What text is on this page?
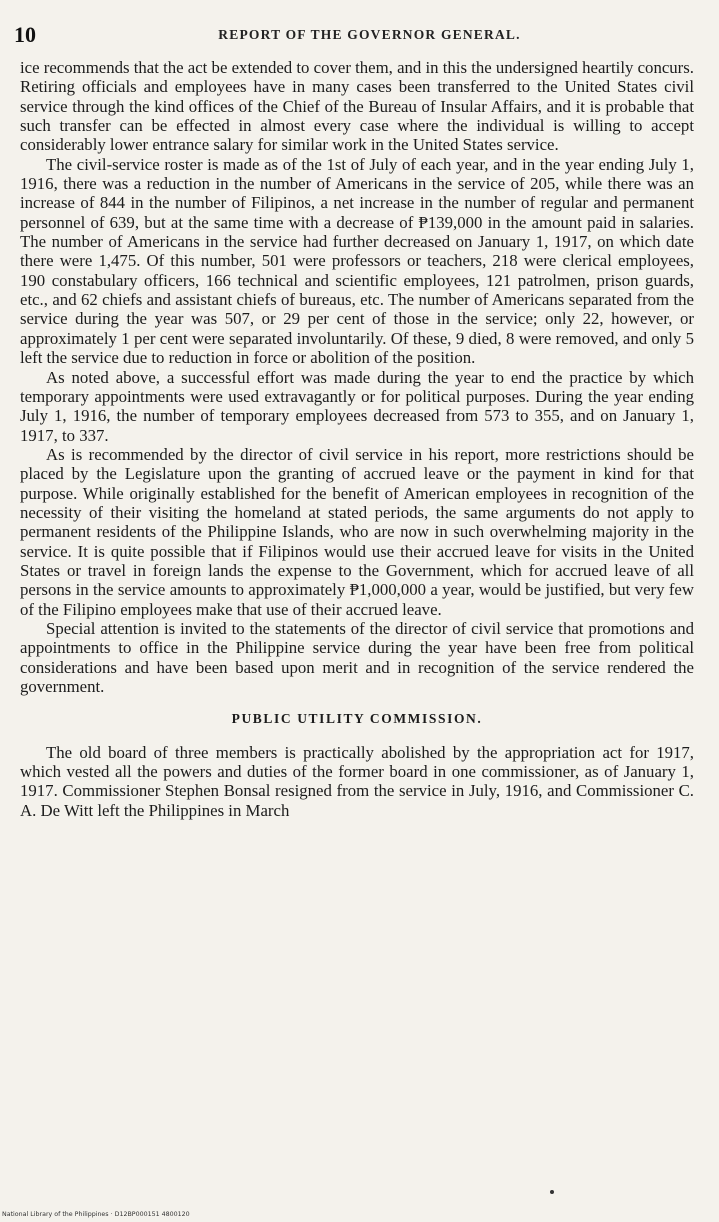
10	REPORT OF THE GOVERNOR GENERAL.

ice recommends that the act be extended to cover them, and in this the undersigned heartily concurs. Retiring officials and employees have in many cases been transferred to the United States civil service through the kind offices of the Chief of the Bureau of Insular Affairs, and it is probable that such transfer can be effected in almost every case where the individual is willing to accept considerably lower entrance salary for similar work in the United States service.

The civil-service roster is made as of the 1st of July of each year, and in the year ending July 1, 1916, there was a reduction in the number of Americans in the service of 205, while there was an increase of 844 in the number of Filipinos, a net increase in the number of regular and permanent personnel of 639, but at the same time with a decrease of ₱139,000 in the amount paid in salaries. The number of Americans in the service had further decreased on January 1, 1917, on which date there were 1,475. Of this number, 501 were professors or teachers, 218 were clerical employees, 190 constabulary officers, 166 technical and scientific employees, 121 patrolmen, prison guards, etc., and 62 chiefs and assistant chiefs of bureaus, etc. The number of Americans separated from the service during the year was 507, or 29 per cent of those in the service; only 22, however, or approximately 1 per cent were separated involuntarily. Of these, 9 died, 8 were removed, and only 5 left the service due to reduction in force or abolition of the position.

As noted above, a successful effort was made during the year to end the practice by which temporary appointments were used extravagantly or for political purposes. During the year ending July 1, 1916, the number of temporary employees decreased from 573 to 355, and on January 1, 1917, to 337.

As is recommended by the director of civil service in his report, more restrictions should be placed by the Legislature upon the granting of accrued leave or the payment in kind for that purpose. While originally established for the benefit of American employees in recognition of the necessity of their visiting the homeland at stated periods, the same arguments do not apply to permanent residents of the Philippine Islands, who are now in such overwhelming majority in the service. It is quite possible that if Filipinos would use their accrued leave for visits in the United States or travel in foreign lands the expense to the Government, which for accrued leave of all persons in the service amounts to approximately ₱1,000,000 a year, would be justified, but very few of the Filipino employees make that use of their accrued leave.

Special attention is invited to the statements of the director of civil service that promotions and appointments to office in the Philippine service during the year have been free from political considerations and have been based upon merit and in recognition of the service rendered the government.

PUBLIC UTILITY COMMISSION.

The old board of three members is practically abolished by the appropriation act for 1917, which vested all the powers and duties of the former board in one commissioner, as of January 1, 1917. Commissioner Stephen Bonsal resigned from the service in July, 1916, and Commissioner C. A. De Witt left the Philippines in March

National Library of the Philippines · D12BP000151 4800120
